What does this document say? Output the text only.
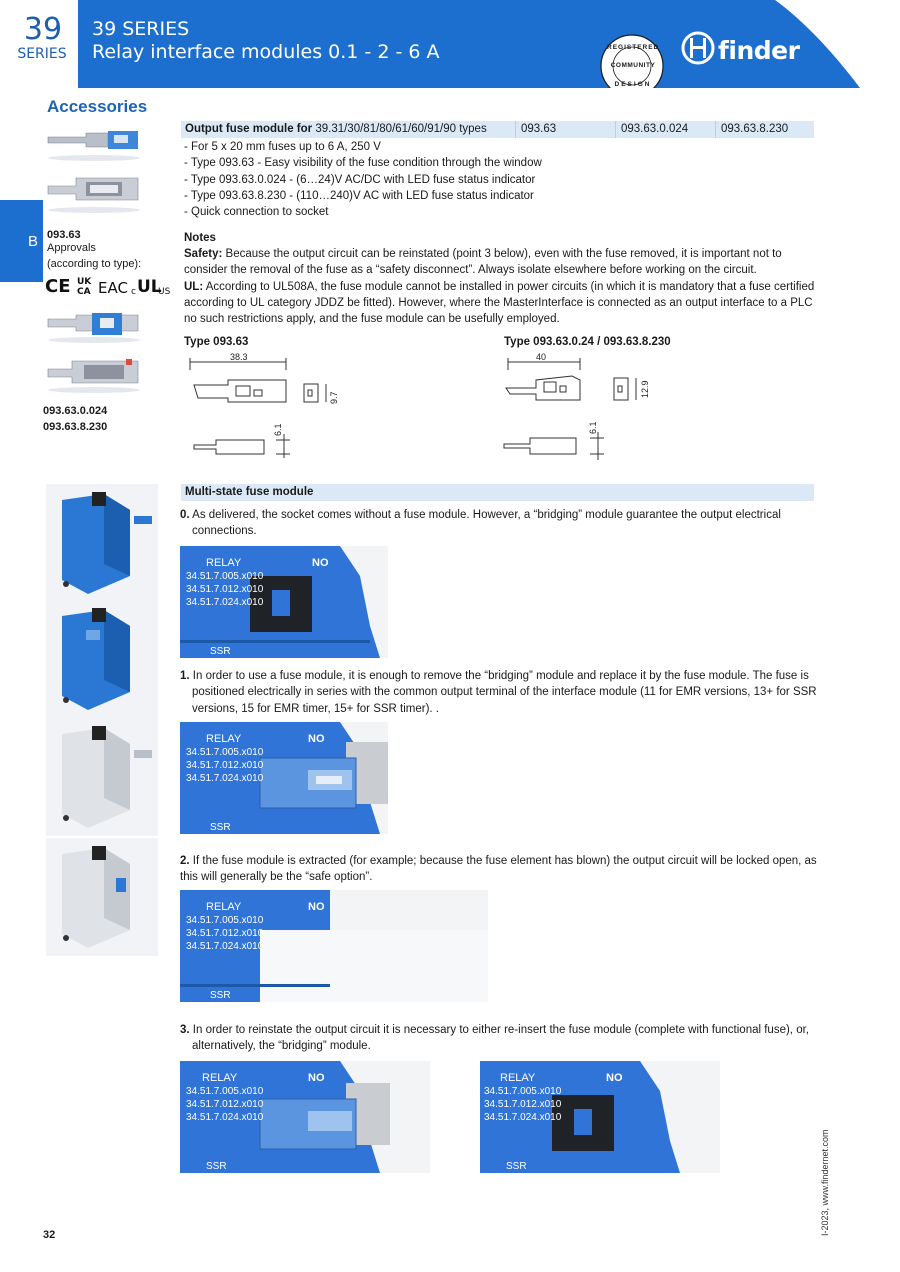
39
SERIES
39 SERIES
Relay interface modules 0.1 - 2 - 6 A	finder
REGISTERED
COMMUNITY
DESIGN
Accessories
B 093.63
Approvals
(according to type):
CE UK
CA EAC c UL
US
093.63.0.024
093.63.8.230
Output fuse module for 39.31/30/81/80/61/60/91/90 types	093.63	093.63.0.024	093.63.8.230
- For 5 x 20 mm fuses up to 6 A, 250 V
- Type 093.63 - Easy visibility of the fuse condition through the window
- Type 093.63.0.024 - (6…24)V AC/DC with LED fuse status indicator
- Type 093.63.8.230 - (110…240)V AC with LED fuse status indicator
- Quick connection to socket
Notes
Safety: Because the output circuit can be reinstated (point 3 below), even with the fuse removed, it is important not to
consider the removal of the fuse as a “safety disconnect”. Always isolate elsewhere before working on the circuit.
UL: According to UL508A, the fuse module cannot be installed in power circuits (in which it is mandatory that a fuse certified
according to UL category JDDZ be fitted). However, where the MasterInterface is connected as an output interface to a PLC
no such restrictions apply, and the fuse module can be usefully employed.
Type 093.63	Type 093.63.0.24 / 093.63.8.230
38.3
9.7
6.1
40
12.9
6.1
Multi-state fuse module
0. As delivered, the socket comes without a fuse module. However, a “bridging” module guarantee the output electrical
connections.
RELAY	NO
34.51.7.005.x010
34.51.7.012.x010
34.51.7.024.x010
SSR
1. In order to use a fuse module, it is enough to remove the “bridging” module and replace it by the fuse module. The fuse is
positioned electrically in series with the common output terminal of the interface module (11 for EMR versions, 13+ for SSR
versions, 15 for EMR timer, 15+ for SSR timer). .
RELAY	NO
34.51.7.005.x010
34.51.7.012.x010
34.51.7.024.x010
SSR
2. If the fuse module is extracted (for example; because the fuse element has blown) the output circuit will be locked open, as
this will generally be the “safe option”.
RELAY	NO
34.51.7.005.x010
34.51.7.012.x010
34.51.7.024.x010
SSR
3. In order to reinstate the output circuit it is necessary to either re-insert the fuse module (complete with functional fuse), or,
alternatively, the “bridging” module.
RELAY	NO
34.51.7.005.x010
34.51.7.012.x010
34.51.7.024.x010
SSR
RELAY	NO
34.51.7.005.x010
34.51.7.012.x010
34.51.7.024.x010
SSR
32	I-2023, www.findernet.com
